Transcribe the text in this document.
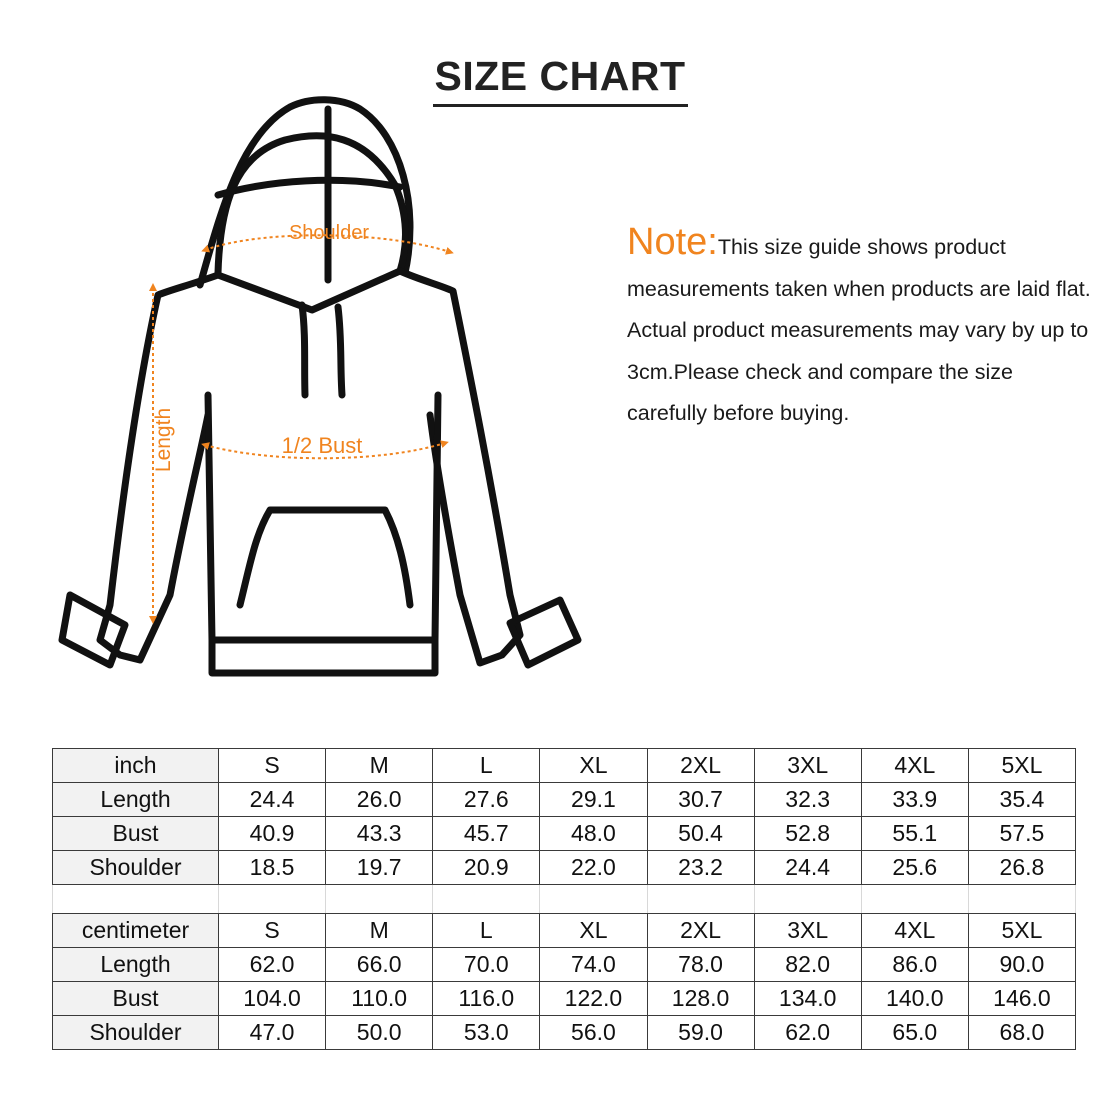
SIZE CHART
Shoulder
1/2 Bust
Length
Note:This size guide shows product measurements taken when products are laid flat. Actual product measurements may vary by up to 3cm.Please check and compare the size carefully before buying.
inch	S	M	L	XL	2XL	3XL	4XL	5XL
Length	24.4	26.0	27.6	29.1	30.7	32.3	33.9	35.4
Bust	40.9	43.3	45.7	48.0	50.4	52.8	55.1	57.5
Shoulder	18.5	19.7	20.9	22.0	23.2	24.4	25.6	26.8

centimeter	S	M	L	XL	2XL	3XL	4XL	5XL
Length	62.0	66.0	70.0	74.0	78.0	82.0	86.0	90.0
Bust	104.0	110.0	116.0	122.0	128.0	134.0	140.0	146.0
Shoulder	47.0	50.0	53.0	56.0	59.0	62.0	65.0	68.0
